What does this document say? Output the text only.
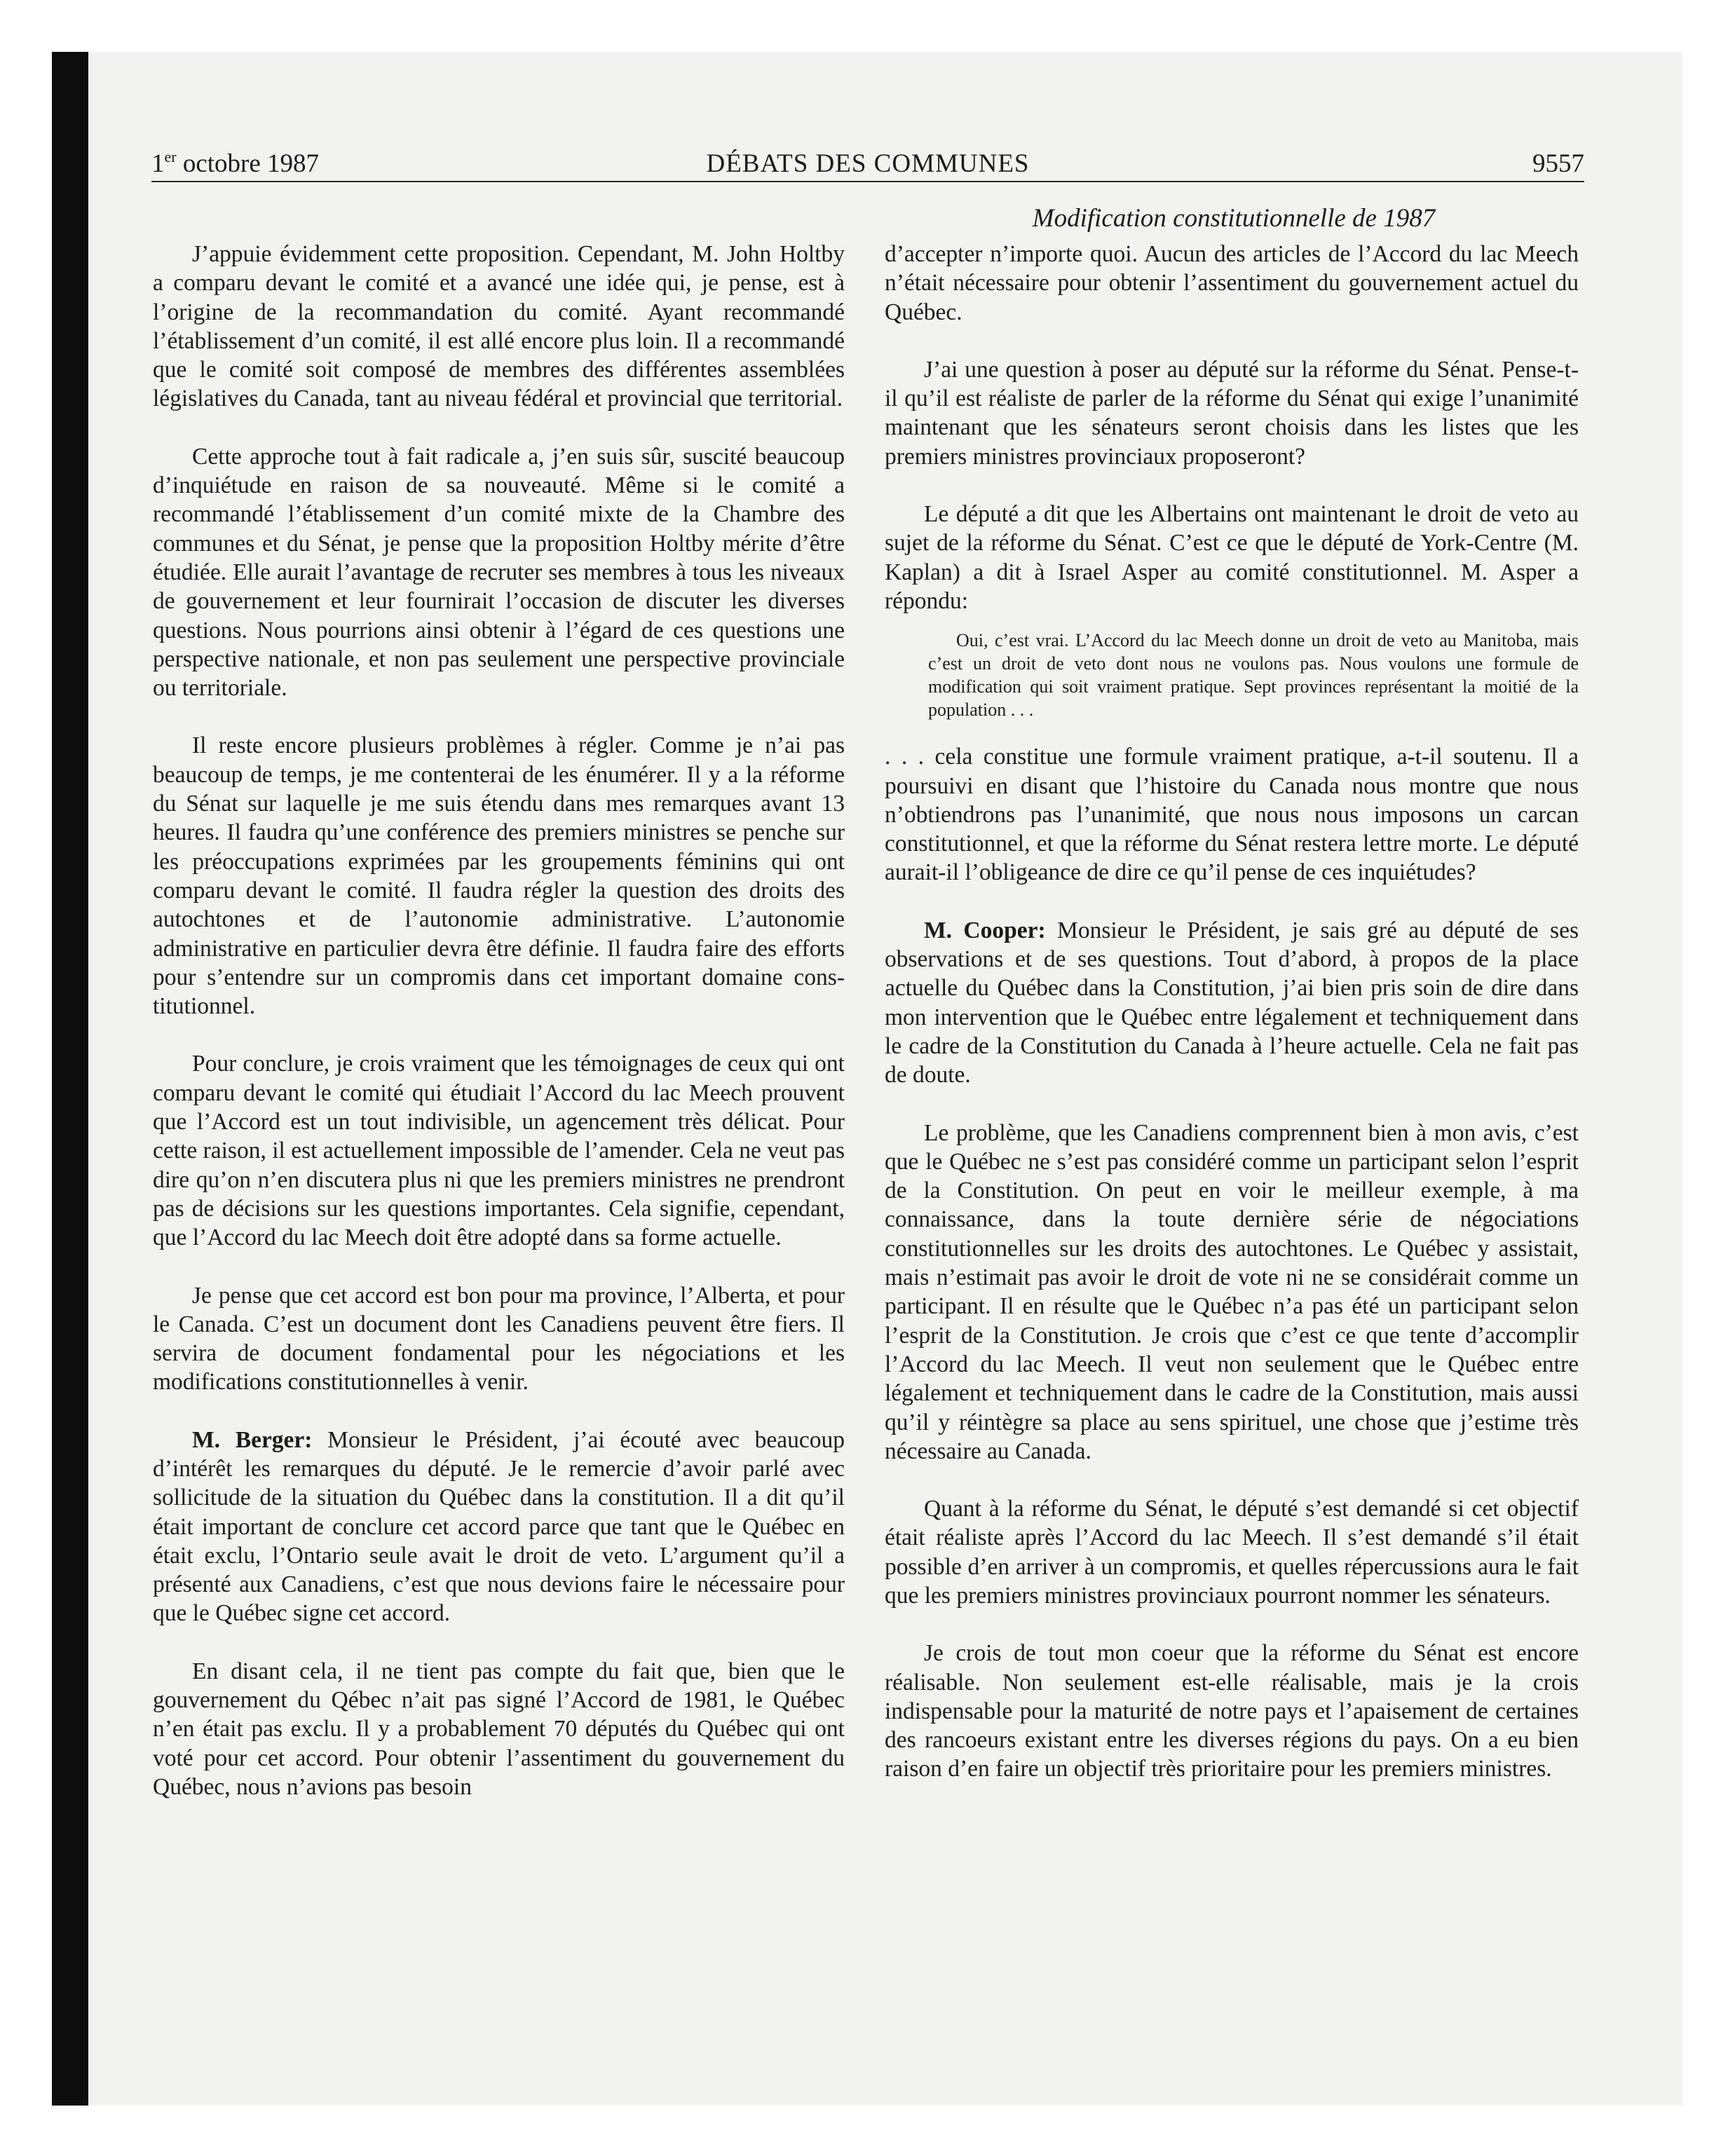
1er octobre 1987	DÉBATS DES COMMUNES	9557
Modification constitutionnelle de 1987

J’appuie évidemment cette proposition. Cependant, M. John Holtby a comparu devant le comité et a avancé une idée qui, je pense, est à l’origine de la recommandation du comité. Ayant recommandé l’établissement d’un comité, il est allé encore plus loin. Il a recommandé que le comité soit composé de membres des différentes assemblées législatives du Canada, tant au niveau fédéral et provincial que territorial.

Cette approche tout à fait radicale a, j’en suis sûr, suscité beaucoup d’inquiétude en raison de sa nouveauté. Même si le comité a recommandé l’établissement d’un comité mixte de la Chambre des communes et du Sénat, je pense que la proposition Holtby mérite d’être étudiée. Elle aurait l’avantage de recruter ses membres à tous les niveaux de gouvernement et leur fournirait l’occasion de discuter les diverses questions. Nous pourrions ainsi obtenir à l’égard de ces questions une perspective nationale, et non pas seulement une perspective provinciale ou territoriale.

Il reste encore plusieurs problèmes à régler. Comme je n’ai pas beaucoup de temps, je me contenterai de les énumérer. Il y a la réforme du Sénat sur laquelle je me suis étendu dans mes remarques avant 13 heures. Il faudra qu’une conférence des premiers ministres se penche sur les préoccupations exprimées par les groupements féminins qui ont comparu devant le comité. Il faudra régler la question des droits des autochtones et de l’autonomie administrative. L’autonomie administrative en particulier devra être définie. Il faudra faire des efforts pour s’entendre sur un compromis dans cet important domaine constitutionnel.

Pour conclure, je crois vraiment que les témoignages de ceux qui ont comparu devant le comité qui étudiait l’Accord du lac Meech prouvent que l’Accord est un tout indivisible, un agencement très délicat. Pour cette raison, il est actuellement impossible de l’amender. Cela ne veut pas dire qu’on n’en discutera plus ni que les premiers ministres ne prendront pas de décisions sur les questions importantes. Cela signifie, cependant, que l’Accord du lac Meech doit être adopté dans sa forme actuelle.

Je pense que cet accord est bon pour ma province, l’Alberta, et pour le Canada. C’est un document dont les Canadiens peuvent être fiers. Il servira de document fondamental pour les négociations et les modifications constitutionnelles à venir.

M. Berger: Monsieur le Président, j’ai écouté avec beaucoup d’intérêt les remarques du député. Je le remercie d’avoir parlé avec sollicitude de la situation du Québec dans la constitution. Il a dit qu’il était important de conclure cet accord parce que tant que le Québec en était exclu, l’Ontario seule avait le droit de veto. L’argument qu’il a présenté aux Canadiens, c’est que nous devions faire le nécessaire pour que le Québec signe cet accord.

En disant cela, il ne tient pas compte du fait que, bien que le gouvernement du Qébec n’ait pas signé l’Accord de 1981, le Québec n’en était pas exclu. Il y a probablement 70 députés du Québec qui ont voté pour cet accord. Pour obtenir l’assentiment du gouvernement du Québec, nous n’avions pas besoin

d’accepter n’importe quoi. Aucun des articles de l’Accord du lac Meech n’était nécessaire pour obtenir l’assentiment du gouvernement actuel du Québec.

J’ai une question à poser au député sur la réforme du Sénat. Pense-t-il qu’il est réaliste de parler de la réforme du Sénat qui exige l’unanimité maintenant que les sénateurs seront choisis dans les listes que les premiers ministres provinciaux proposeront?

Le député a dit que les Albertains ont maintenant le droit de veto au sujet de la réforme du Sénat. C’est ce que le député de York-Centre (M. Kaplan) a dit à Israel Asper au comité constitutionnel. M. Asper a répondu:

Oui, c’est vrai. L’Accord du lac Meech donne un droit de veto au Manitoba, mais c’est un droit de veto dont nous ne voulons pas. Nous voulons une formule de modification qui soit vraiment pratique. Sept provinces représentant la moitié de la population . . .

. . . cela constitue une formule vraiment pratique, a-t-il soutenu. Il a poursuivi en disant que l’histoire du Canada nous montre que nous n’obtiendrons pas l’unanimité, que nous nous imposons un carcan constitutionnel, et que la réforme du Sénat restera lettre morte. Le député aurait-il l’obligeance de dire ce qu’il pense de ces inquiétudes?

M. Cooper: Monsieur le Président, je sais gré au député de ses observations et de ses questions. Tout d’abord, à propos de la place actuelle du Québec dans la Constitution, j’ai bien pris soin de dire dans mon intervention que le Québec entre légalement et techniquement dans le cadre de la Constitution du Canada à l’heure actuelle. Cela ne fait pas de doute.

Le problème, que les Canadiens comprennent bien à mon avis, c’est que le Québec ne s’est pas considéré comme un participant selon l’esprit de la Constitution. On peut en voir le meilleur exemple, à ma connaissance, dans la toute dernière série de négociations constitutionnelles sur les droits des autochtones. Le Québec y assistait, mais n’estimait pas avoir le droit de vote ni ne se considérait comme un participant. Il en résulte que le Québec n’a pas été un participant selon l’esprit de la Constitution. Je crois que c’est ce que tente d’accomplir l’Accord du lac Meech. Il veut non seulement que le Québec entre légalement et techniquement dans le cadre de la Constitution, mais aussi qu’il y réintègre sa place au sens spirituel, une chose que j’estime très nécessaire au Canada.

Quant à la réforme du Sénat, le député s’est demandé si cet objectif était réaliste après l’Accord du lac Meech. Il s’est demandé s’il était possible d’en arriver à un compromis, et quelles répercussions aura le fait que les premiers ministres provinciaux pourront nommer les sénateurs.

Je crois de tout mon coeur que la réforme du Sénat est encore réalisable. Non seulement est-elle réalisable, mais je la crois indispensable pour la maturité de notre pays et l’apaisement de certaines des rancoeurs existant entre les diverses régions du pays. On a eu bien raison d’en faire un objectif très prioritaire pour les premiers ministres.
